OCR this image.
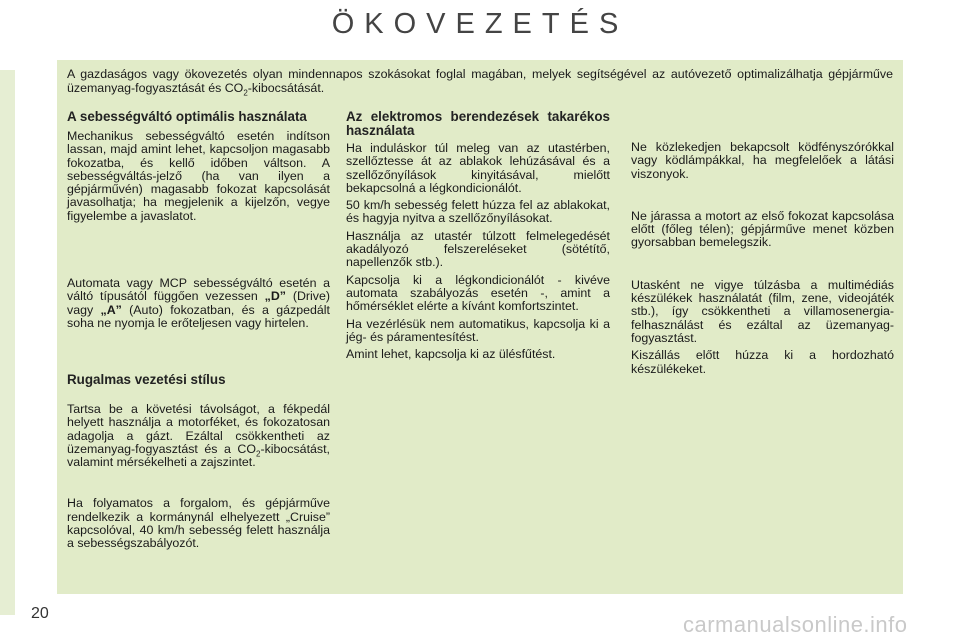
ÖKOVEZETÉS

A gazdaságos vagy ökovezetés olyan mindennapos szokásokat foglal magában, melyek segítségével az autóvezető optimalizálhatja gépjárműve üzemanyag-fogyasztását és $CO_2$-kibocsátását.

A sebességváltó optimális használata

Mechanikus sebességváltó esetén indítson lassan, majd amint lehet, kapcsoljon magasabb fokozatba, és kellő időben váltson. A sebességváltás-jelző (ha van ilyen a gépjárművén) magasabb fokozat kapcsolását javasolhatja; ha megjelenik a kijelzőn, vegye figyelembe a javaslatot.

Automata vagy MCP sebességváltó esetén a váltó típusától függően vezessen „D” (Drive) vagy „A” (Auto) fokozatban, és a gázpedált soha ne nyomja le erőteljesen vagy hirtelen.

Rugalmas vezetési stílus

Tartsa be a követési távolságot, a fékpedál helyett használja a motorféket, és fokozatosan adagolja a gázt. Ezáltal csökkentheti az üzemanyag-fogyasztást és a $CO_2$-kibocsátást, valamint mérsékelheti a zajszintet.

Ha folyamatos a forgalom, és gépjárműve rendelkezik a kormánynál elhelyezett „Cruise” kapcsolóval, 40 km/h sebesség felett használja a sebességszabályozót.

Az elektromos berendezések takarékos használata

Ha induláskor túl meleg van az utastérben, szellőztesse át az ablakok lehúzásával és a szellőzőnyílások kinyitásával, mielőtt bekapcsolná a légkondicionálót.

50 km/h sebesség felett húzza fel az ablakokat, és hagyja nyitva a szellőzőnyílásokat.

Használja az utastér túlzott felmelegedését akadályozó felszereléseket (sötétítő, napellenzők stb.).

Kapcsolja ki a légkondicionálót - kivéve automata szabályozás esetén -, amint a hőmérséklet elérte a kívánt komfortszintet.

Ha vezérlésük nem automatikus, kapcsolja ki a jég- és páramentesítést.

Amint lehet, kapcsolja ki az ülésfűtést.

Ne közlekedjen bekapcsolt ködfényszórókkal vagy ködlámpákkal, ha megfelelőek a látási viszonyok.

Ne járassa a motort az első fokozat kapcsolása előtt (főleg télen); gépjárműve menet közben gyorsabban bemelegszik.

Utasként ne vigye túlzásba a multimédiás készülékek használatát (film, zene, videojáték stb.), így csökkentheti a villamosenergia-felhasználást és ezáltal az üzemanyag-fogyasztást.

Kiszállás előtt húzza ki a hordozható készülékeket.

20	carmanualsonline.info
